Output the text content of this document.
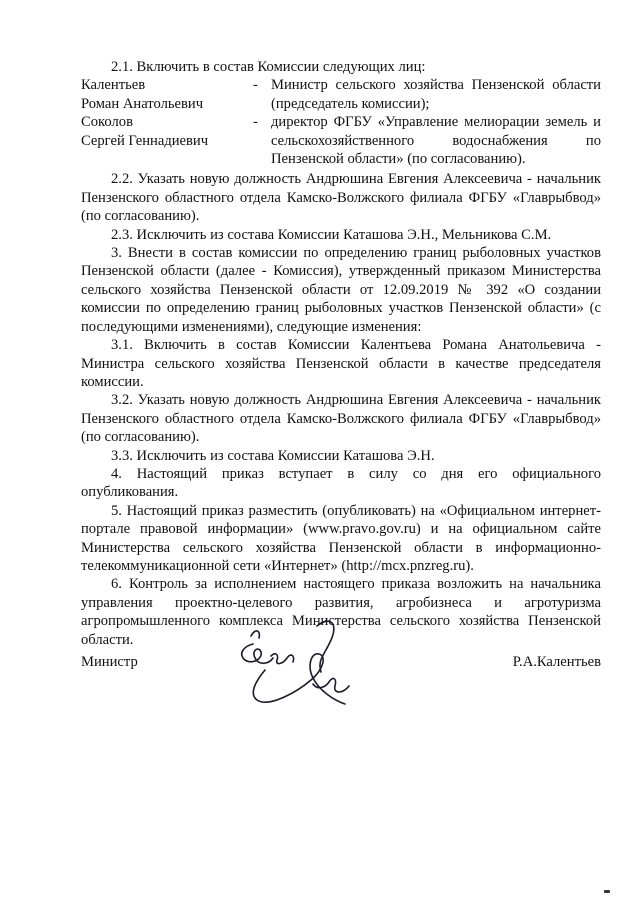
2.1. Включить в состав Комиссии следующих лиц:

Калентьев
Роман Анатольевич
- Министр сельского хозяйства Пензенской области (председатель комиссии);
Соколов
Сергей Геннадиевич
- директор ФГБУ «Управление мелиорации земель и сельскохозяйственного водоснабжения по Пензенской области» (по согласованию).

2.2. Указать новую должность Андрюшина Евгения Алексеевича - начальник Пензенского областного отдела Камско-Волжского филиала ФГБУ «Главрыбвод» (по согласованию).

2.3. Исключить из состава Комиссии Каташова Э.Н., Мельникова С.М.

3. Внести в состав комиссии по определению границ рыболовных участков Пензенской области (далее - Комиссия), утвержденный приказом Министерства сельского хозяйства Пензенской области от 12.09.2019 № 392 «О создании комиссии по определению границ рыболовных участков Пензенской области» (с последующими изменениями), следующие изменения:

3.1. Включить в состав Комиссии Калентьева Романа Анатольевича - Министра сельского хозяйства Пензенской области в качестве председателя комиссии.

3.2. Указать новую должность Андрюшина Евгения Алексеевича - начальник Пензенского областного отдела Камско-Волжского филиала ФГБУ «Главрыбвод» (по согласованию).

3.3. Исключить из состава Комиссии Каташова Э.Н.

4. Настоящий приказ вступает в силу со дня его официального опубликования.

5. Настоящий приказ разместить (опубликовать) на «Официальном интернет-портале правовой информации» (www.pravo.gov.ru) и на официальном сайте Министерства сельского хозяйства Пензенской области в информационно-телекоммуникационной сети «Интернет» (http://mcx.pnzreg.ru).

6. Контроль за исполнением настоящего приказа возложить на начальника управления проектно-целевого развития, агробизнеса и агротуризма агропромышленного комплекса Министерства сельского хозяйства Пензенской области.

Министр	Р.А.Калентьев
